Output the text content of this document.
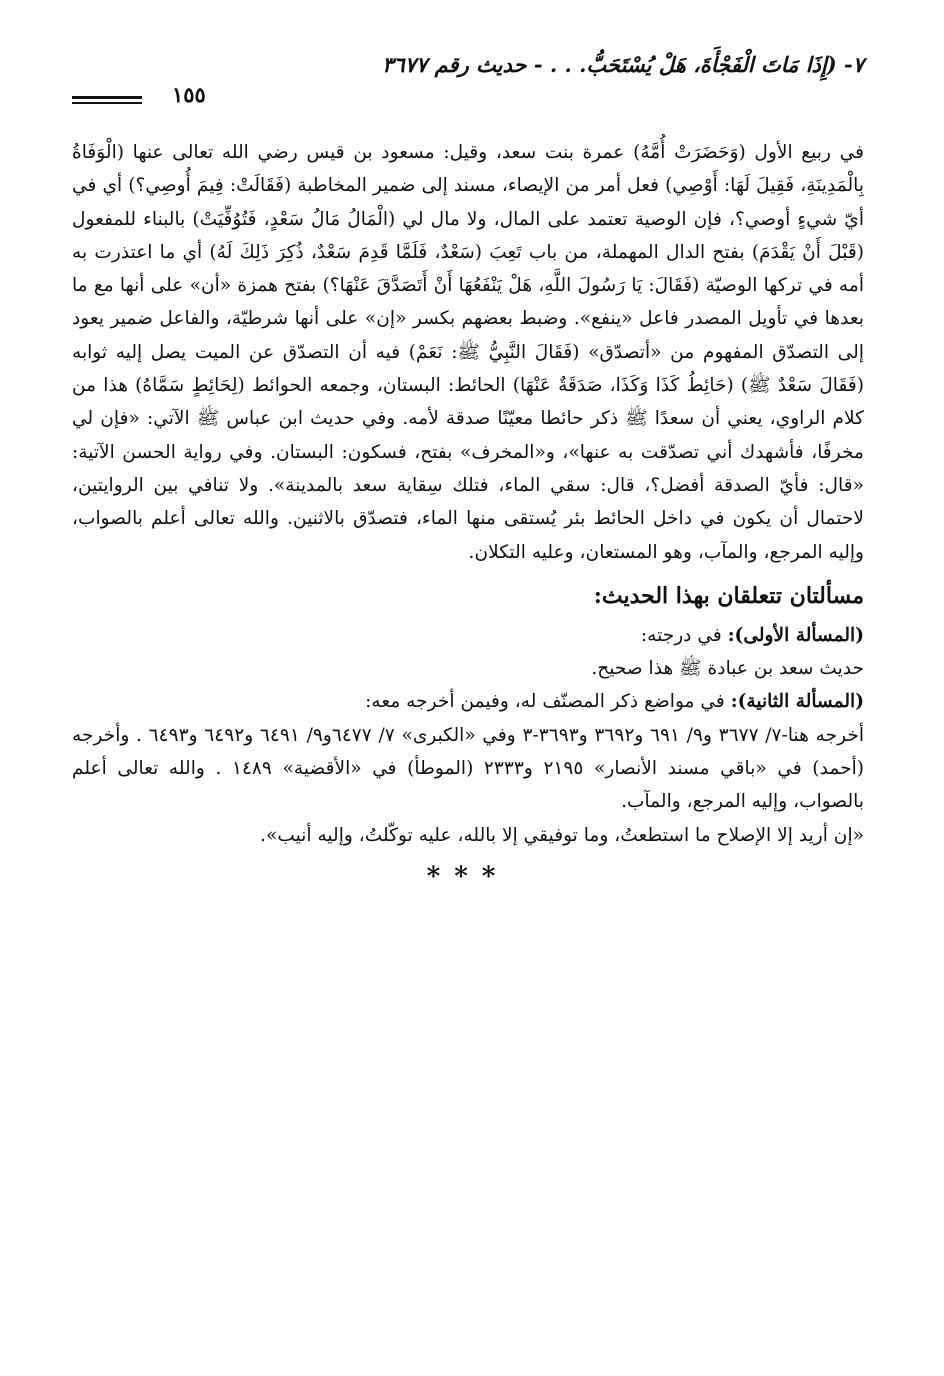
٧- (إِذَا مَاتَ الْفَجْأَةَ، هَلْ يُسْتَحَبُّ. . . - حديث رقم ٣٦٧٧
١٥٥

في ربيع الأول (وَحَضَرَتْ أُمَّهُ) عمرة بنت سعد، وقيل: مسعود بن قيس رضي الله تعالى عنها (الْوَفَاةُ بِالْمَدِينَةِ، فَقِيلَ لَهَا: أَوْصِي) فعل أمر من الإيصاء، مسند إلى ضمير المخاطبة (فَقَالَتْ: فِيمَ أُوصِي؟) أي في أيّ شيءٍ أوصي؟، فإن الوصية تعتمد على المال، ولا مال لي (الْمَالُ مَالُ سَعْدٍ، فَتُوُفِّيَتْ) بالبناء للمفعول (قَبْلَ أَنْ يَقْدَمَ) بفتح الدال المهملة، من باب تَعِبَ (سَعْدٌ، فَلَمَّا قَدِمَ سَعْدٌ، ذُكِرَ ذَلِكَ لَهُ) أي ما اعتذرت به أمه في تركها الوصيّة (فَقَالَ: يَا رَسُولَ اللَّهِ، هَلْ يَنْفَعُهَا أَنْ أَتَصَدَّقَ عَنْهَا؟) بفتح همزة «أن» على أنها مع ما بعدها في تأويل المصدر فاعل «ينفع». وضبط بعضهم بكسر «إن» على أنها شرطيّة، والفاعل ضمير يعود إلى التصدّق المفهوم من «أتصدّق» (فَقَالَ النَّبِيُّ ﷺ: نَعَمْ) فيه أن التصدّق عن الميت يصل إليه ثوابه (فَقَالَ سَعْدٌ ﷺ) (حَائِطُ كَذَا وَكَذَا، صَدَقَةٌ عَنْهَا) الحائط: البستان، وجمعه الحوائط (لِحَائِطٍ سَمَّاهُ) هذا من كلام الراوي، يعني أن سعدًا ﷺ ذكر حائطا معيّنًا صدقة لأمه. وفي حديث ابن عباس ﷺ الآتي: «فإن لي مخرفًا، فأشهدك أني تصدّقت به عنها»، و«المخرف» بفتح، فسكون: البستان. وفي رواية الحسن الآتية: «قال: فأيّ الصدقة أفضل؟، قال: سقي الماء، فتلك سِقاية سعد بالمدينة». ولا تنافي بين الروايتين، لاحتمال أن يكون في داخل الحائط بئر يُستقى منها الماء، فتصدّق بالاثنين. والله تعالى أعلم بالصواب، وإليه المرجع، والمآب، وهو المستعان، وعليه التكلان.

مسألتان تتعلقان بهذا الحديث:

(المسألة الأولى): في درجته:

حديث سعد بن عبادة ﷺ هذا صحيح.

(المسألة الثانية): في مواضع ذكر المصنّف له، وفيمن أخرجه معه:

أخرجه هنا-٧/ ٣٦٧٧ و٩/ ٦٩١ و٣٦٩٢ و٣٦٩٣-٣ وفي «الكبرى» ٧/ ٦٤٧٧و٩/ ٦٤٩١ و٦٤٩٢ و٦٤٩٣ . وأخرجه (أحمد) في «باقي مسند الأنصار» ٢١٩٥ و٢٣٣٣ (الموطأ) في «الأقضية» ١٤٨٩ . والله تعالى أعلم بالصواب، وإليه المرجع، والمآب.

«إن أريد إلا الإصلاح ما استطعتُ، وما توفيقي إلا بالله، عليه توكّلتُ، وإليه أنيب».

***
